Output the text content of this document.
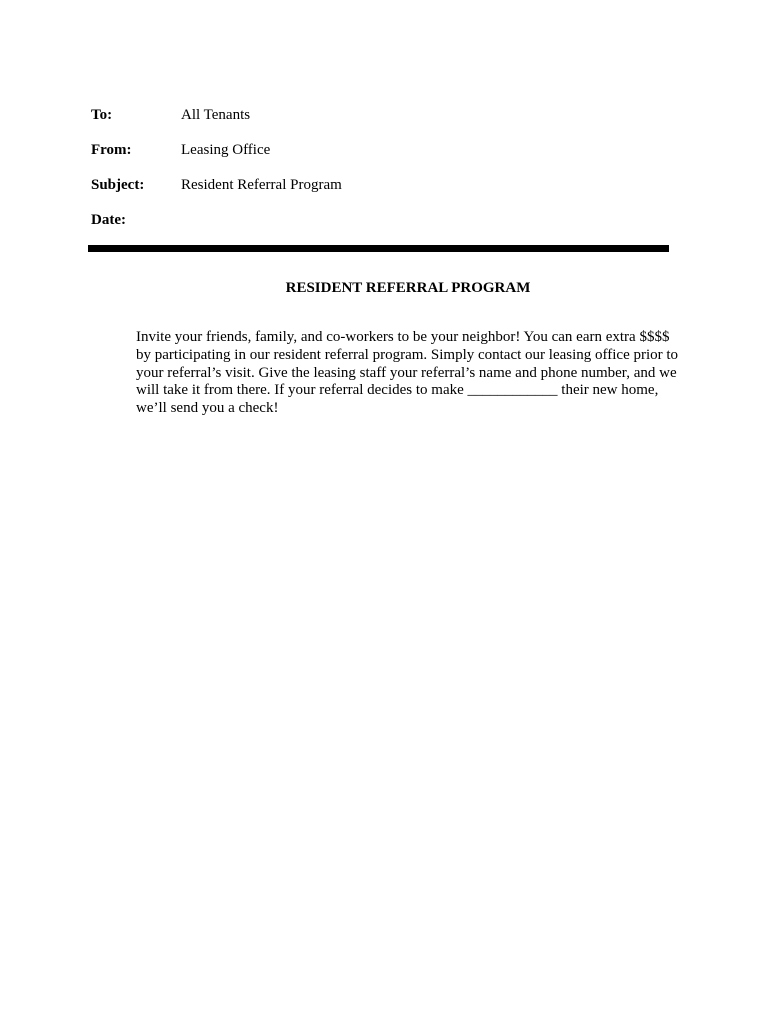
To:	All Tenants
From:	Leasing Office
Subject: Resident Referral Program
Date:
RESIDENT REFERRAL PROGRAM

Invite your friends, family, and co-workers to be your neighbor! You can earn extra $$$$ by participating in our resident referral program. Simply contact our leasing office prior to your referral’s visit. Give the leasing staff your referral’s name and phone number, and we will take it from there. If your referral decides to make ____________ their new home, we’ll send you a check!
